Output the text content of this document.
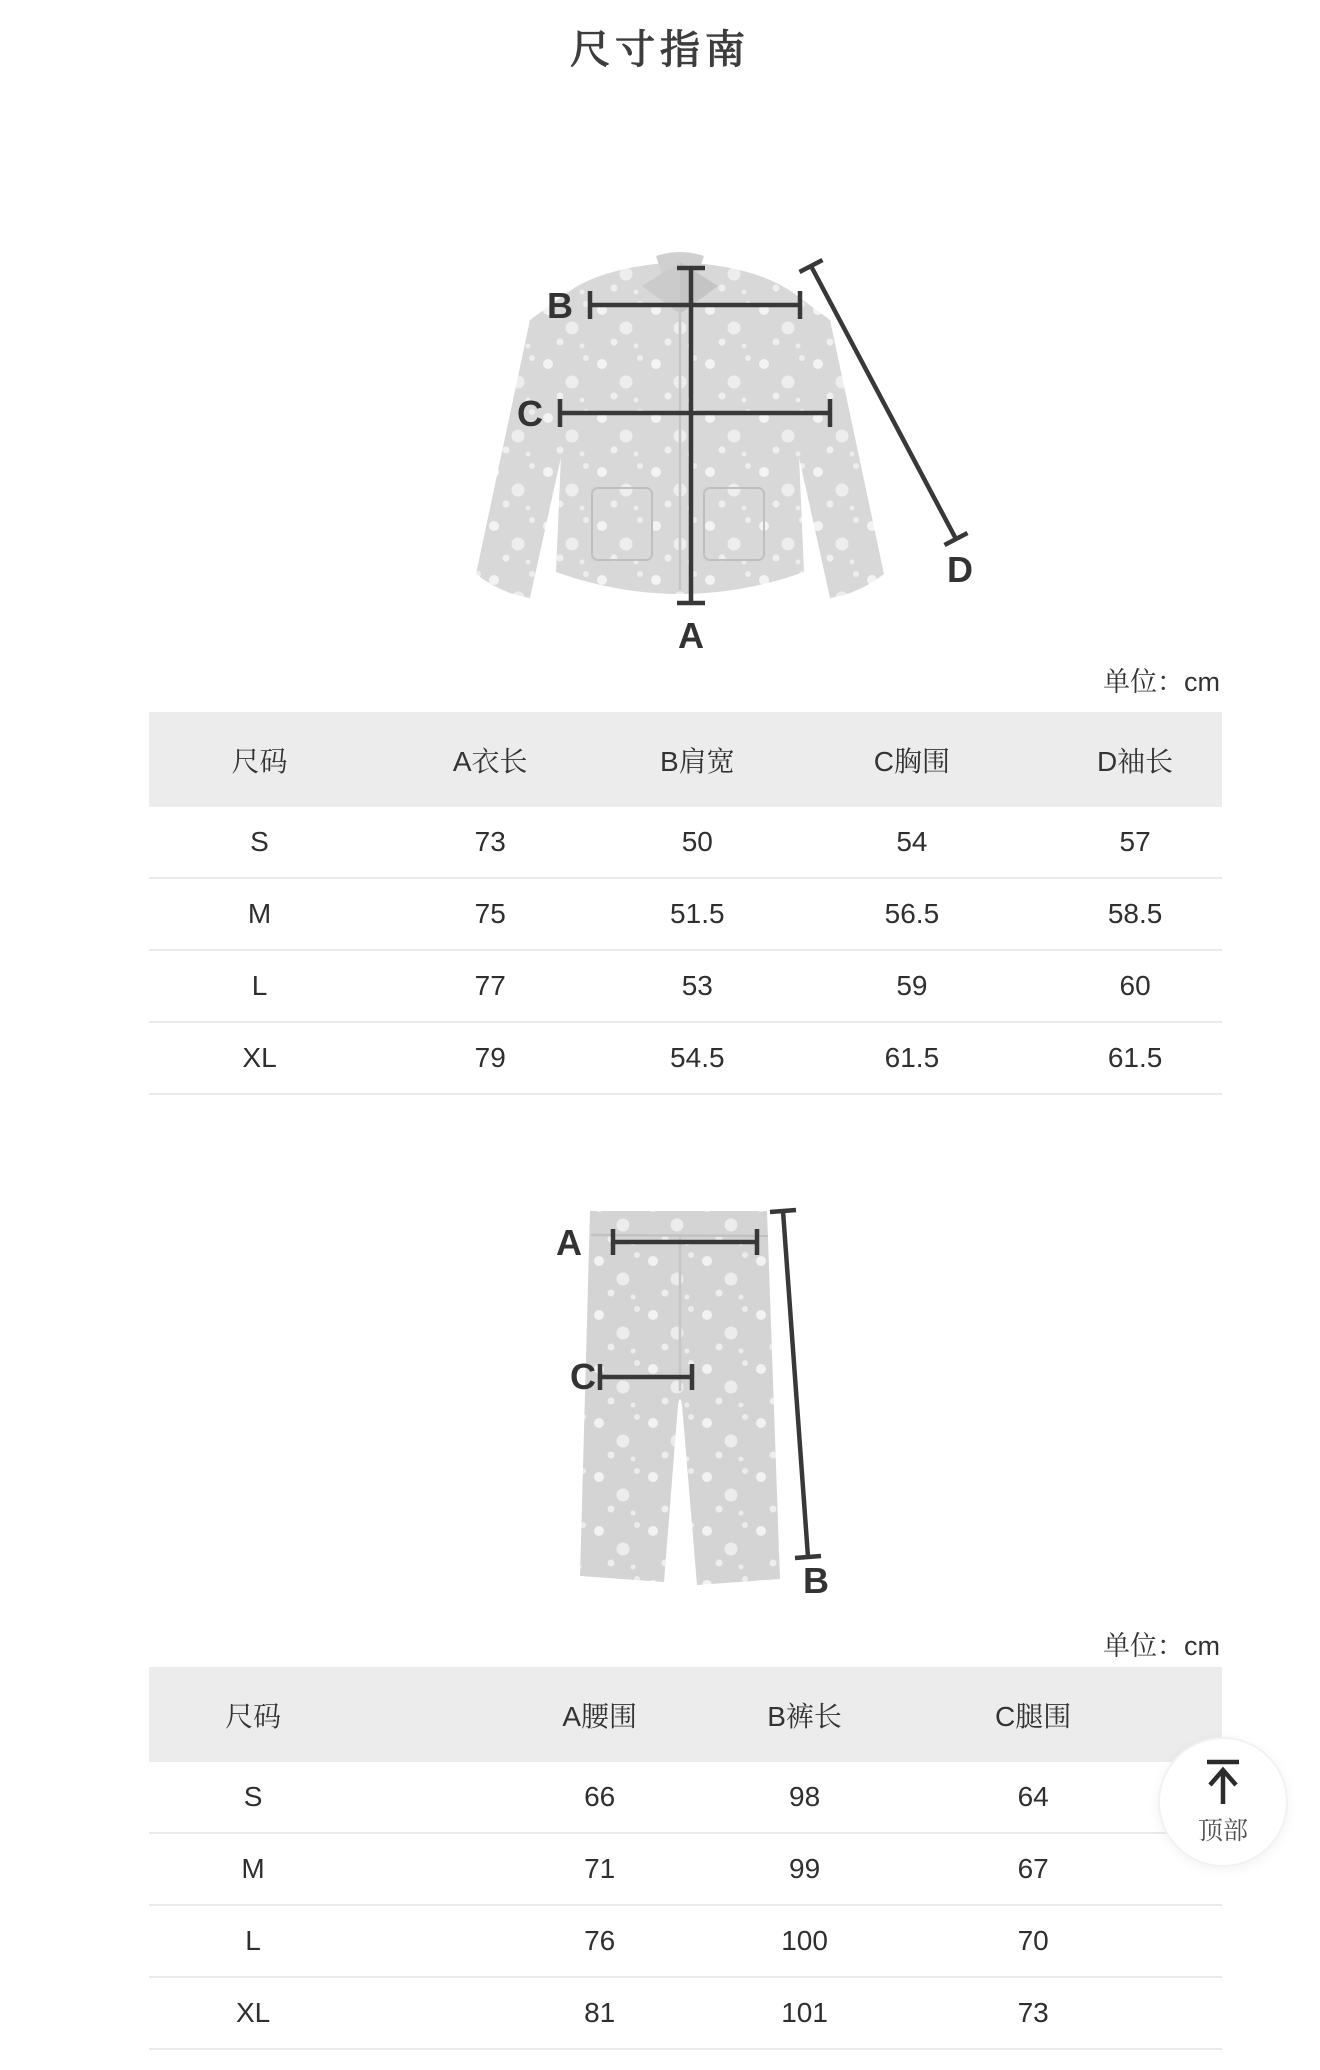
尺寸指南
A
B
C
D
单位：cm
尺码	A衣长	B肩宽	C胸围	D袖长
S	73	50	54	57
M	75	51.5	56.5	58.5
L	77	53	59	60
XL	79	54.5	61.5	61.5
A
C
B
单位：cm
尺码	A腰围	B裤长	C腿围
S	66	98	64
M	71	99	67
L	76	100	70
XL	81	101	73
顶部
